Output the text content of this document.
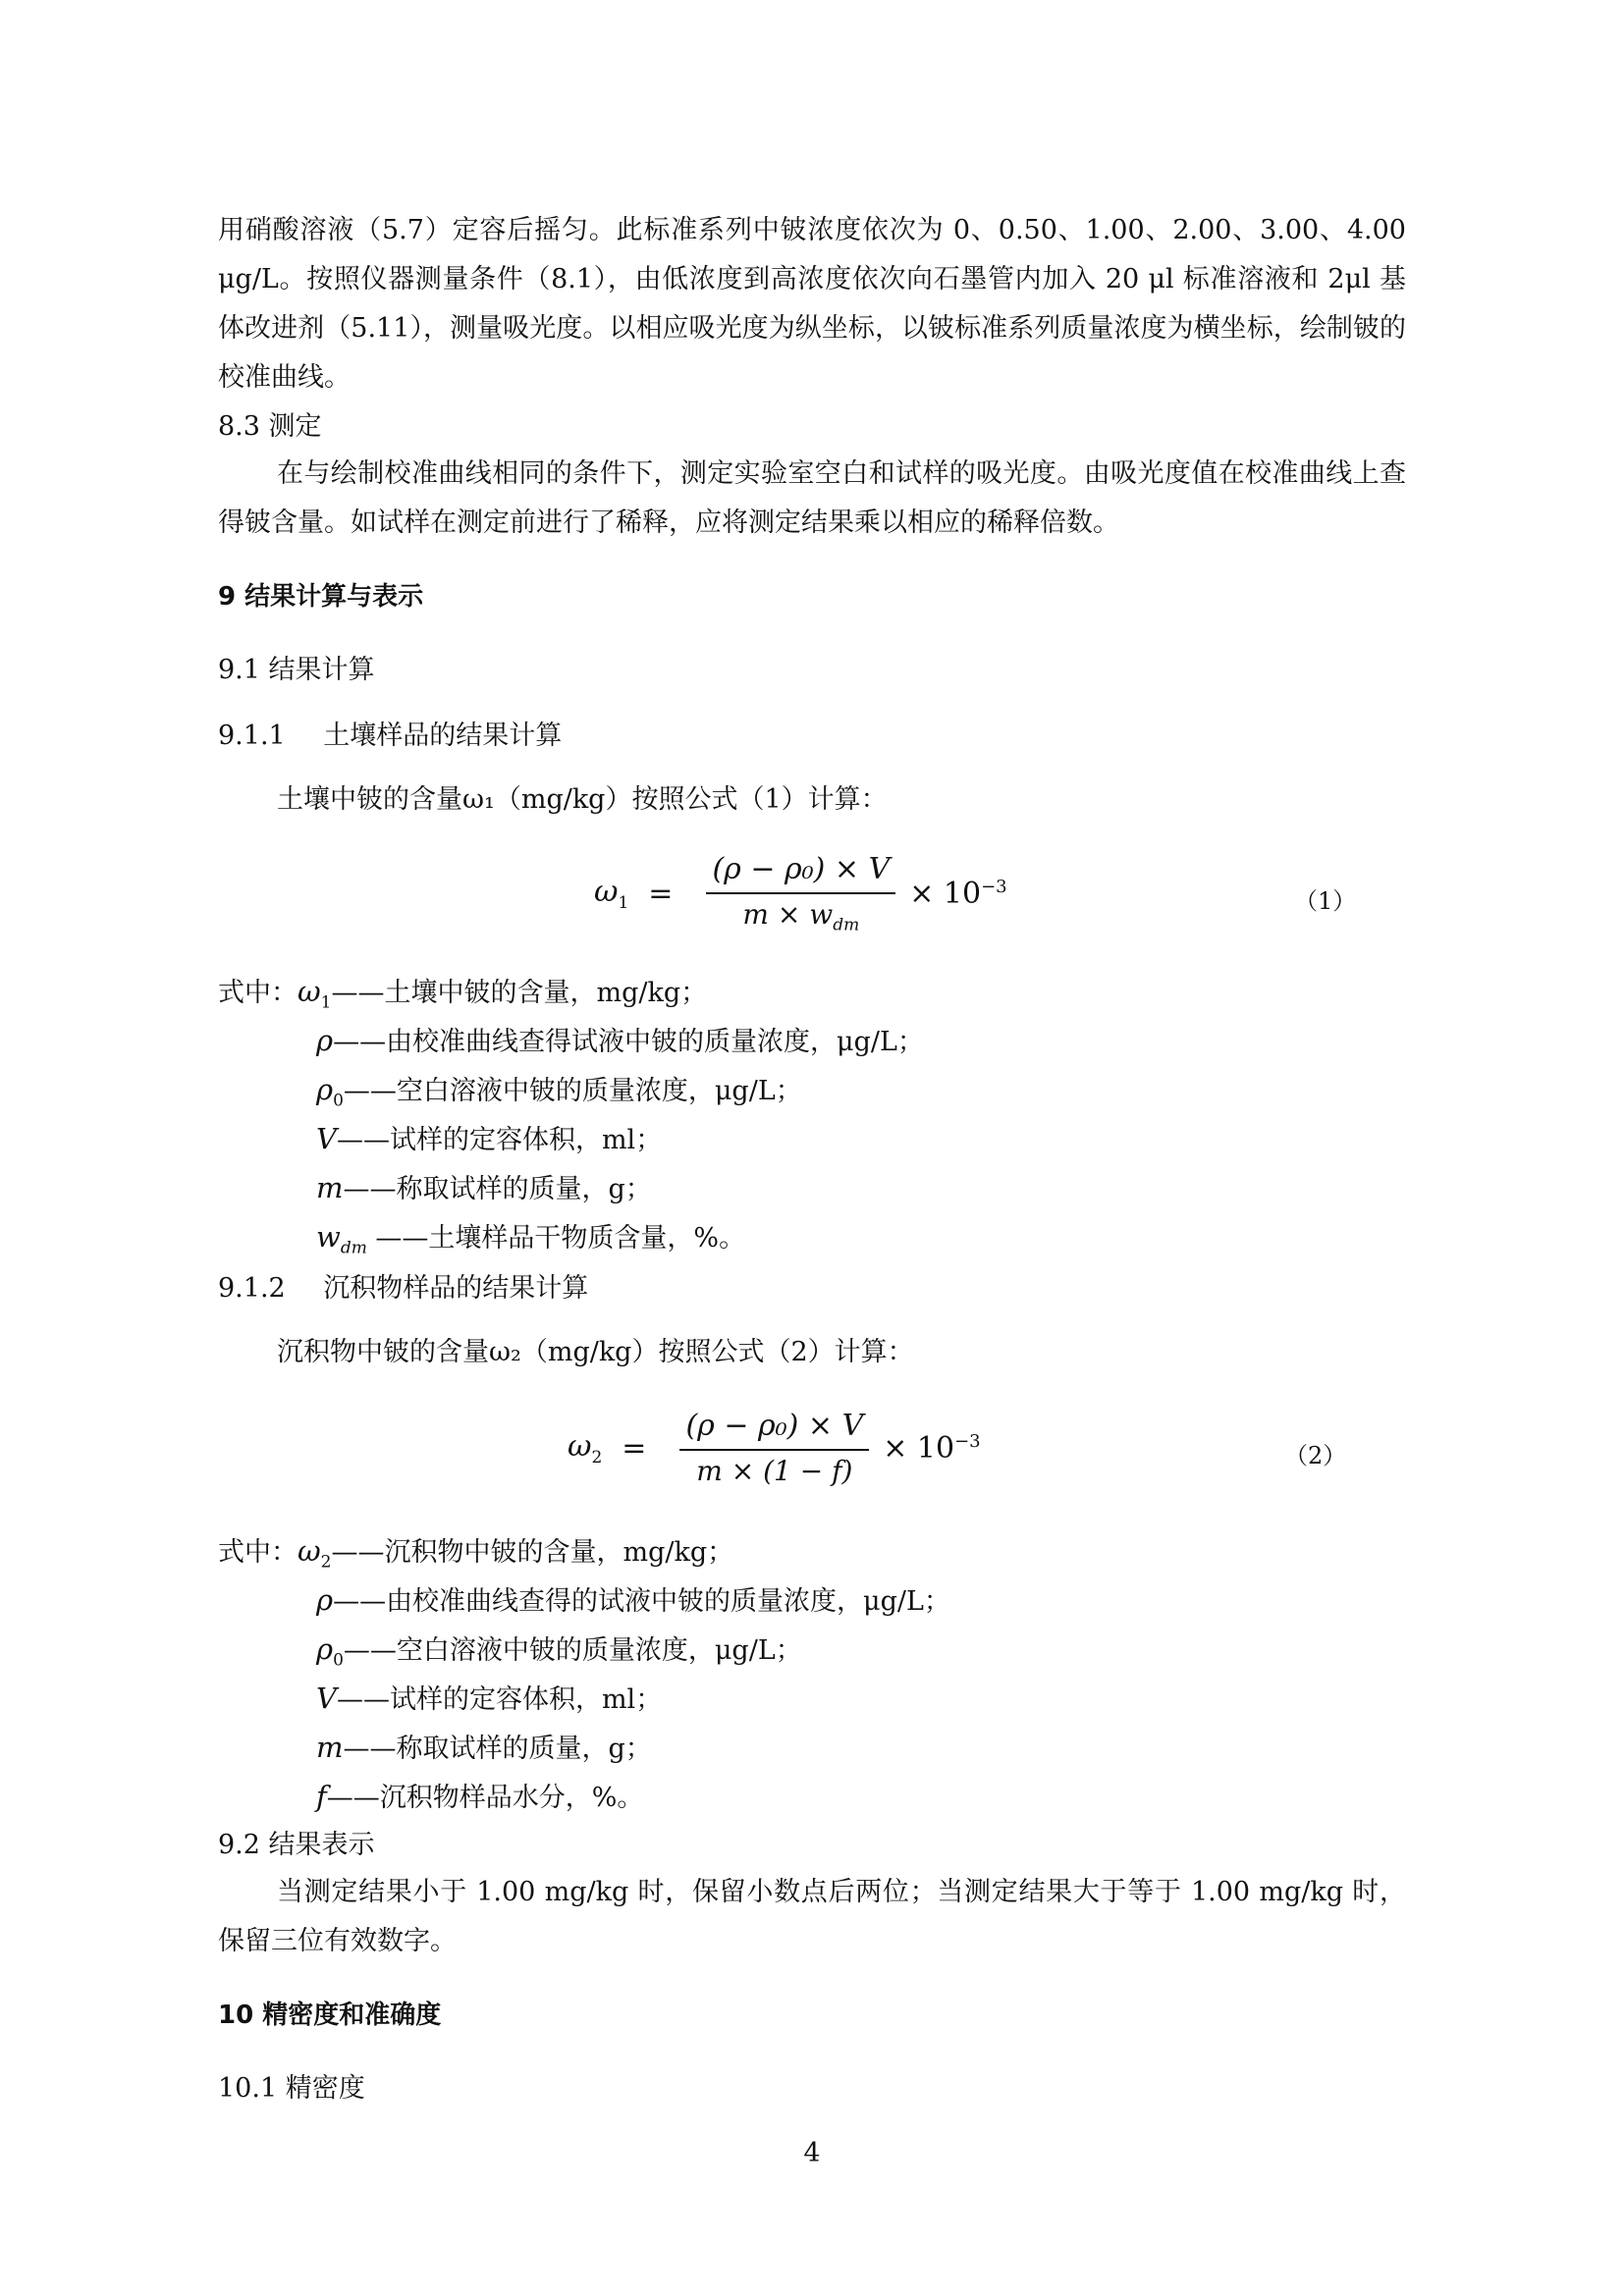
用硝酸溶液（5.7）定容后摇匀。此标准系列中铍浓度依次为 0、0.50、1.00、2.00、3.00、4.00 μg/L。按照仪器测量条件（8.1），由低浓度到高浓度依次向石墨管内加入 20 μl 标准溶液和 2μl 基体改进剂（5.11），测量吸光度。以相应吸光度为纵坐标，以铍标准系列质量浓度为横坐标，绘制铍的校准曲线。

8.3 测定

在与绘制校准曲线相同的条件下，测定实验室空白和试样的吸光度。由吸光度值在校准曲线上查得铍含量。如试样在测定前进行了稀释，应将测定结果乘以相应的稀释倍数。

9 结果计算与表示

9.1 结果计算

9.1.1 土壤样品的结果计算

土壤中铍的含量ω₁（mg/kg）按照公式（1）计算：

$\omega_1 = \frac{\text{(ρ − ρ₀) × V}}{m \times w_{dm}} \times 10^{-3}$
（1）
式中：$\omega_1——$土壤中铍的含量，mg/kg；
ρ——由校准曲线查得试液中铍的质量浓度，μg/L；
$\rho_0——$空白溶液中铍的质量浓度，μg/L；
V——试样的定容体积，ml；
m——称取试样的质量，g；
$w_{dm}$ ——土壤样品干物质含量，%。

9.1.2 沉积物样品的结果计算

沉积物中铍的含量ω₂（mg/kg）按照公式（2）计算：

$\omega_2 = \frac{\text{(ρ − ρ₀) × V}}{m \times (1 - f)} \times 10^{-3}$
（2）
式中：$\omega_2——$沉积物中铍的含量，mg/kg；
ρ——由校准曲线查得的试液中铍的质量浓度，μg/L；
$\rho_0——$空白溶液中铍的质量浓度，μg/L；
V——试样的定容体积，ml；
m——称取试样的质量，g；
f——沉积物样品水分，%。

9.2 结果表示

当测定结果小于 1.00 mg/kg 时，保留小数点后两位；当测定结果大于等于 1.00 mg/kg 时，保留三位有效数字。

10 精密度和准确度

10.1 精密度

4
